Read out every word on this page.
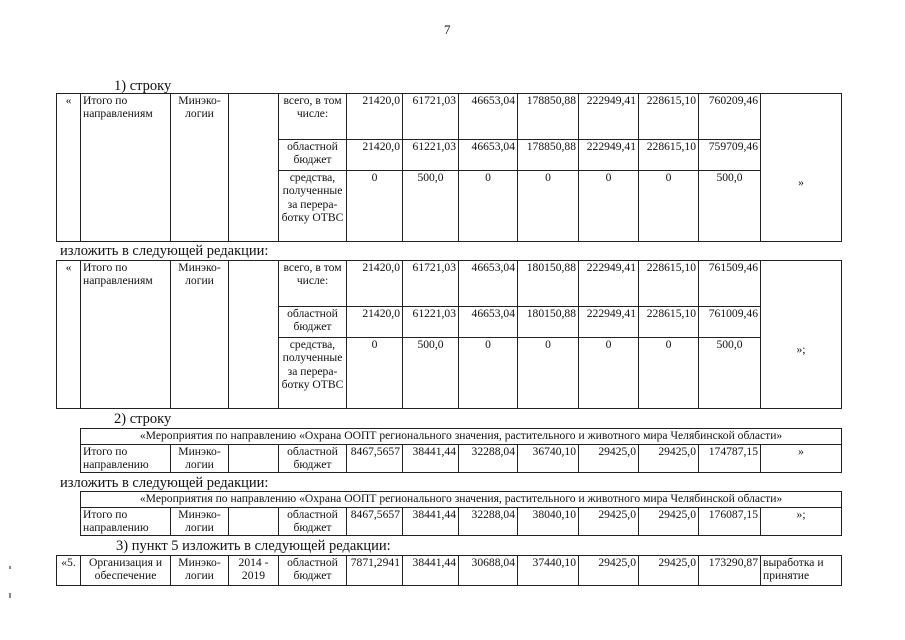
7
1) строку
«	Итого по направлениям	Минэко-логии		всего, в том числе:	21420,0	61721,03	46653,04	178850,88	222949,41	228615,10	760209,46	»
				областной бюджет	21420,0	61221,03	46653,04	178850,88	222949,41	228615,10	759709,46	
				средства, полученные за перера-ботку ОТВС	0	500,0	0	0	0	0	500,0	
изложить в следующей редакции:
«	Итого по направлениям	Минэко-логии		всего, в том числе:	21420,0	61721,03	46653,04	180150,88	222949,41	228615,10	761509,46	»;
				областной бюджет	21420,0	61221,03	46653,04	180150,88	222949,41	228615,10	761009,46	
				средства, полученные за перера-ботку ОТВС	0	500,0	0	0	0	0	500,0	
2) строку
«Мероприятия по направлению «Охрана ООПТ регионального значения, растительного и животного мира Челябинской области»
Итого по направлению	Минэко-логии		областной бюджет	8467,5657	38441,44	32288,04	36740,10	29425,0	29425,0	174787,15	»
изложить в следующей редакции:
«Мероприятия по направлению «Охрана ООПТ регионального значения, растительного и животного мира Челябинской области»
Итого по направлению	Минэко-логии		областной бюджет	8467,5657	38441,44	32288,04	38040,10	29425,0	29425,0	176087,15	»;
3) пункт 5 изложить в следующей редакции:
«5.	Организация и обеспечение	Минэко-логии	2014 - 2019	областной бюджет	7871,2941	38441,44	30688,04	37440,10	29425,0	29425,0	173290,87	выработка и принятие
